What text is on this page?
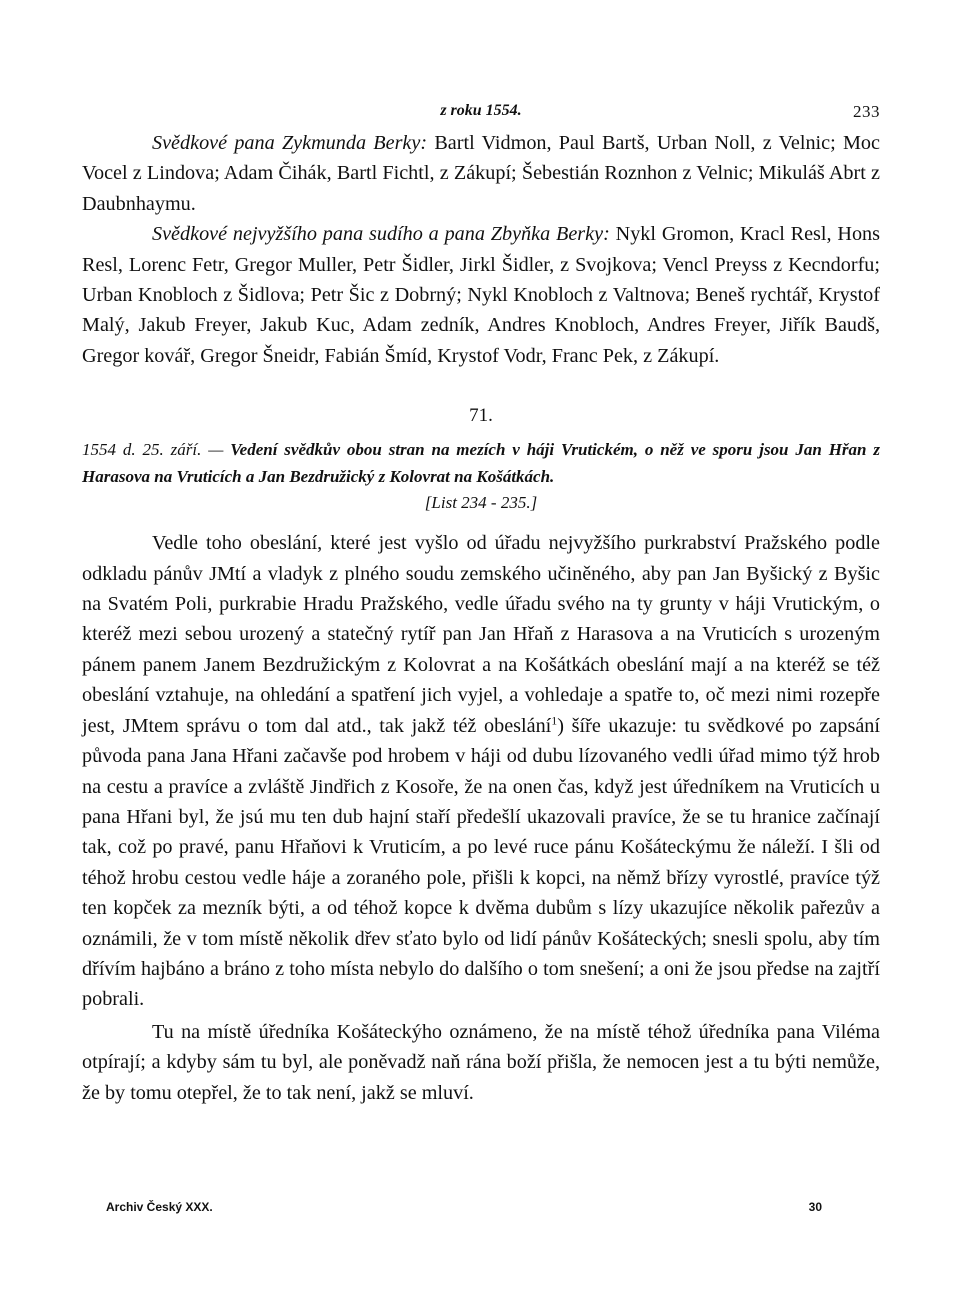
z roku 1554.	233

Svědkové pana Zykmunda Berky: Bartl Vidmon, Paul Bartš, Urban Noll, z Velnic; Moc Vocel z Lindova; Adam Čihák, Bartl Fichtl, z Zákupí; Šebestián Roznhon z Velnic; Mikuláš Abrt z Daubnhaymu.

Svědkové nejvyžšího pana sudího a pana Zbyňka Berky: Nykl Gromon, Kracl Resl, Hons Resl, Lorenc Fetr, Gregor Muller, Petr Šidler, Jirkl Šidler, z Svojkova; Vencl Preyss z Kecndorfu; Urban Knobloch z Šidlova; Petr Šic z Dobrný; Nykl Knobloch z Valtnova; Beneš rychtář, Krystof Malý, Jakub Freyer, Jakub Kuc, Adam zedník, Andres Knobloch, Andres Freyer, Jiřík Baudš, Gregor kovář, Gregor Šneidr, Fabián Šmíd, Krystof Vodr, Franc Pek, z Zákupí.

71.
1554 d. 25. září. — Vedení svědkův obou stran na mezích v háji Vrutickém, o něž ve sporu jsou Jan Hřan z Harasova na Vruticích a Jan Bezdružický z Kolovrat na Košátkách.
[List 234 - 235.]

Vedle toho obeslání, které jest vyšlo od úřadu nejvyžšího purkrabství Pražského podle odkladu pánův JMtí a vladyk z plného soudu zemského učiněného, aby pan Jan Byšický z Byšic na Svatém Poli, purkrabie Hradu Pražského, vedle úřadu svého na ty grunty v háji Vrutickým, o kteréž mezi sebou urozený a statečný rytíř pan Jan Hřaň z Harasova a na Vruticích s urozeným pánem panem Janem Bezdružickým z Kolovrat a na Košátkách obeslání mají a na kteréž se též obeslání vztahuje, na ohledání a spatření jich vyjel, a vohledaje a spatře to, oč mezi nimi rozepře jest, JMtem správu o tom dal atd., tak jakž též obeslání$^1$) šíře ukazuje: tu svědkové po zapsání původa pana Jana Hřani začavše pod hrobem v háji od dubu lízovaného vedli úřad mimo týž hrob na cestu a pravíce a zvláště Jindřich z Kosoře, že na onen čas, když jest úředníkem na Vruticích u pana Hřani byl, že jsú mu ten dub hajní staří předešlí ukazovali pravíce, že se tu hranice začínají tak, což po pravé, panu Hřaňovi k Vruticím, a po levé ruce pánu Košáteckýmu že náleží. I šli od téhož hrobu cestou vedle háje a zoraného pole, přišli k kopci, na němž břízy vyrostlé, pravíce týž ten kopček za mezník býti, a od téhož kopce k dvěma dubům s lízy ukazujíce několik pařezův a oznámili, že v tom místě několik dřev sťato bylo od lidí pánův Košáteckých; snesli spolu, aby tím dřívím hajbáno a bráno z toho místa nebylo do dalšího o tom snešení; a oni že jsou předse na zajtří pobrali.

Tu na místě úředníka Košáteckýho oznámeno, že na místě téhož úředníka pana Viléma otpírají; a kdyby sám tu byl, ale poněvadž naň rána boží přišla, že nemocen jest a tu býti nemůže, že by tomu otepřel, že to tak není, jakž se mluví.

Archiv Český XXX.	30
